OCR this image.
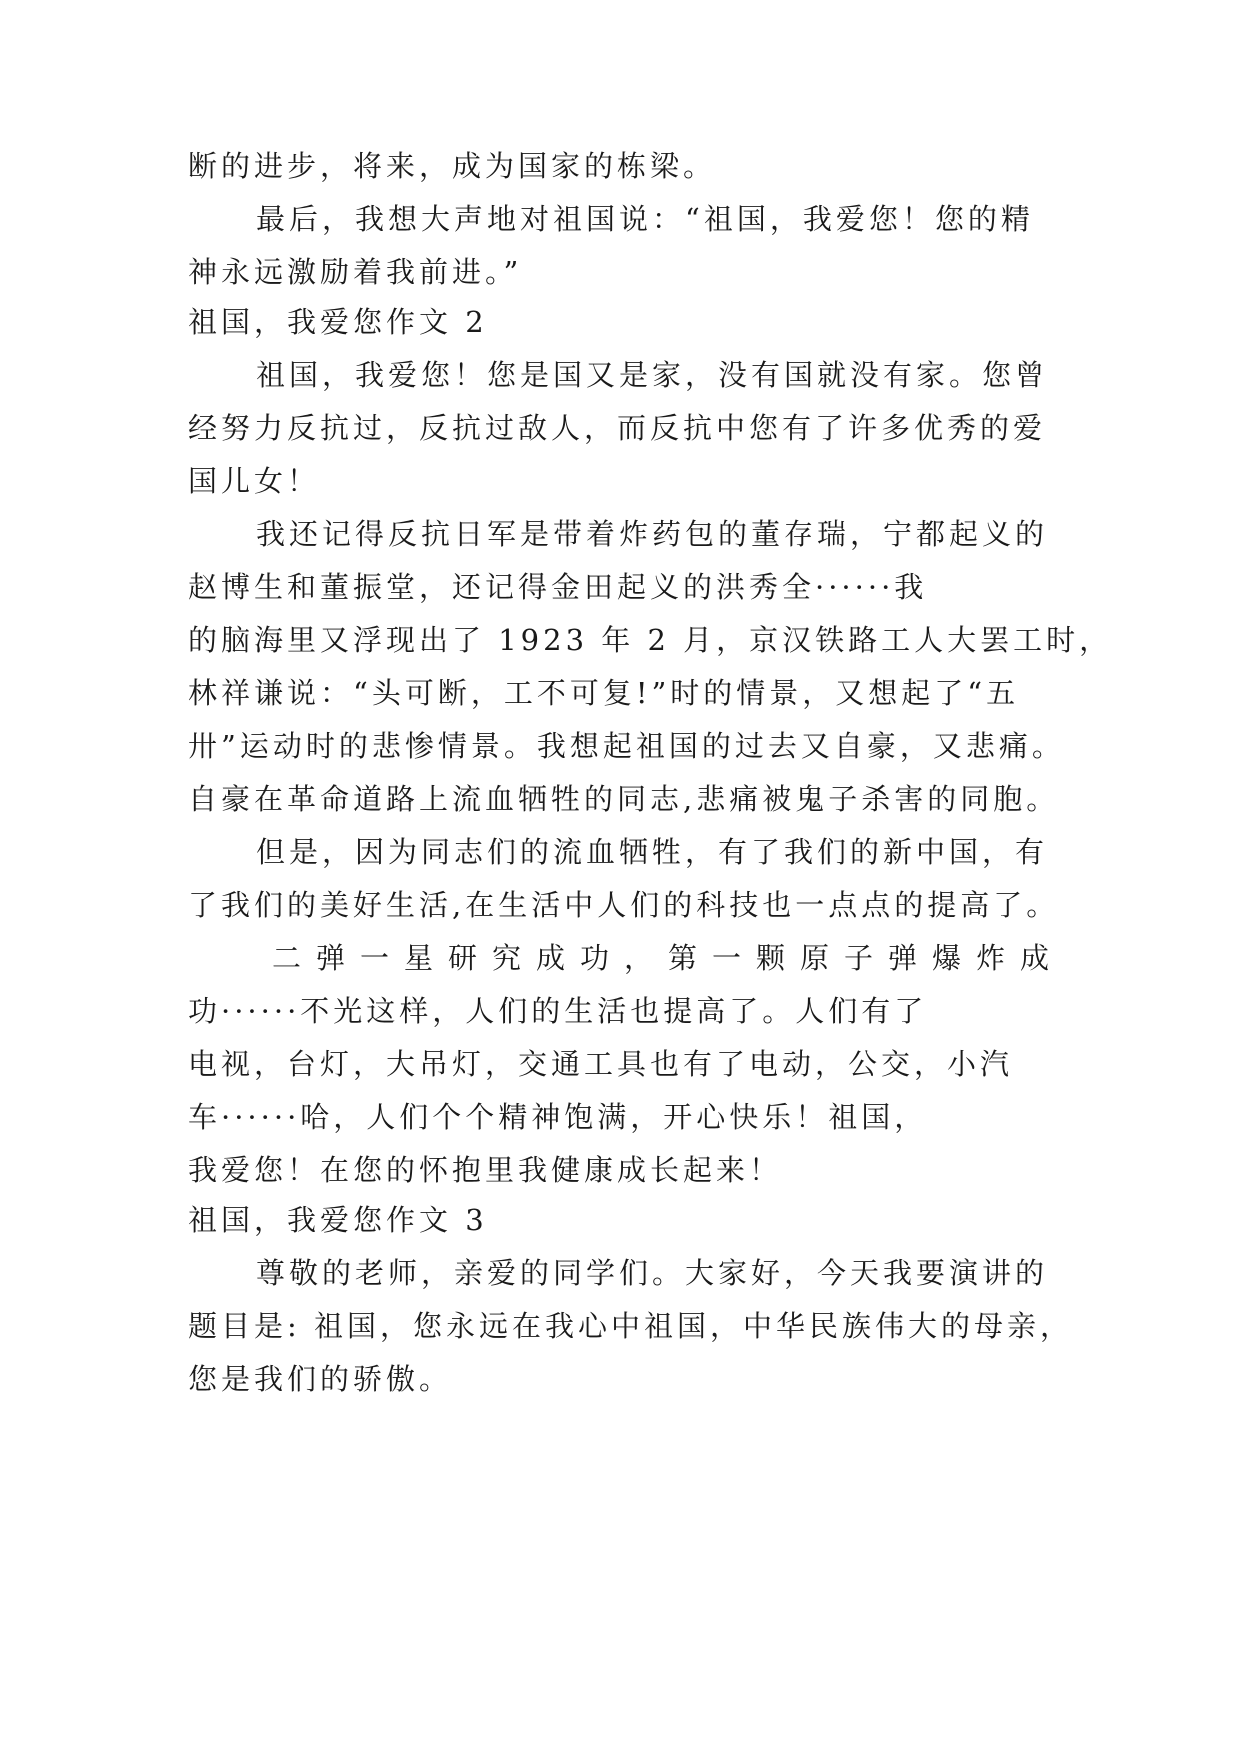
断的进步，将来，成为国家的栋梁。
最后，我想大声地对祖国说：“祖国，我爱您！您的精
神永远激励着我前进。”
祖国，我爱您作文 2
祖国，我爱您！您是国又是家，没有国就没有家。您曾
经努力反抗过，反抗过敌人，而反抗中您有了许多优秀的爱
国儿女！
我还记得反抗日军是带着炸药包的董存瑞，宁都起义的
赵博生和董振堂，还记得金田起义的洪秀全······我
的脑海里又浮现出了 1923 年 2 月，京汉铁路工人大罢工时，
林祥谦说：“头可断，工不可复!”时的情景，又想起了“五
卅”运动时的悲惨情景。我想起祖国的过去又自豪，又悲痛。
自豪在革命道路上流血牺牲的同志,悲痛被鬼子杀害的同胞。
但是，因为同志们的流血牺牲，有了我们的新中国，有
了我们的美好生活,在生活中人们的科技也一点点的提高了。
二弹一星研究成功，第一颗原子弹爆炸成
功······不光这样，人们的生活也提高了。人们有了
电视，台灯，大吊灯，交通工具也有了电动，公交，小汽
车······哈，人们个个精神饱满，开心快乐！祖国，
我爱您！在您的怀抱里我健康成长起来！
祖国，我爱您作文 3
尊敬的老师，亲爱的同学们。大家好，今天我要演讲的
题目是: 祖国，您永远在我心中祖国，中华民族伟大的母亲，
您是我们的骄傲。
